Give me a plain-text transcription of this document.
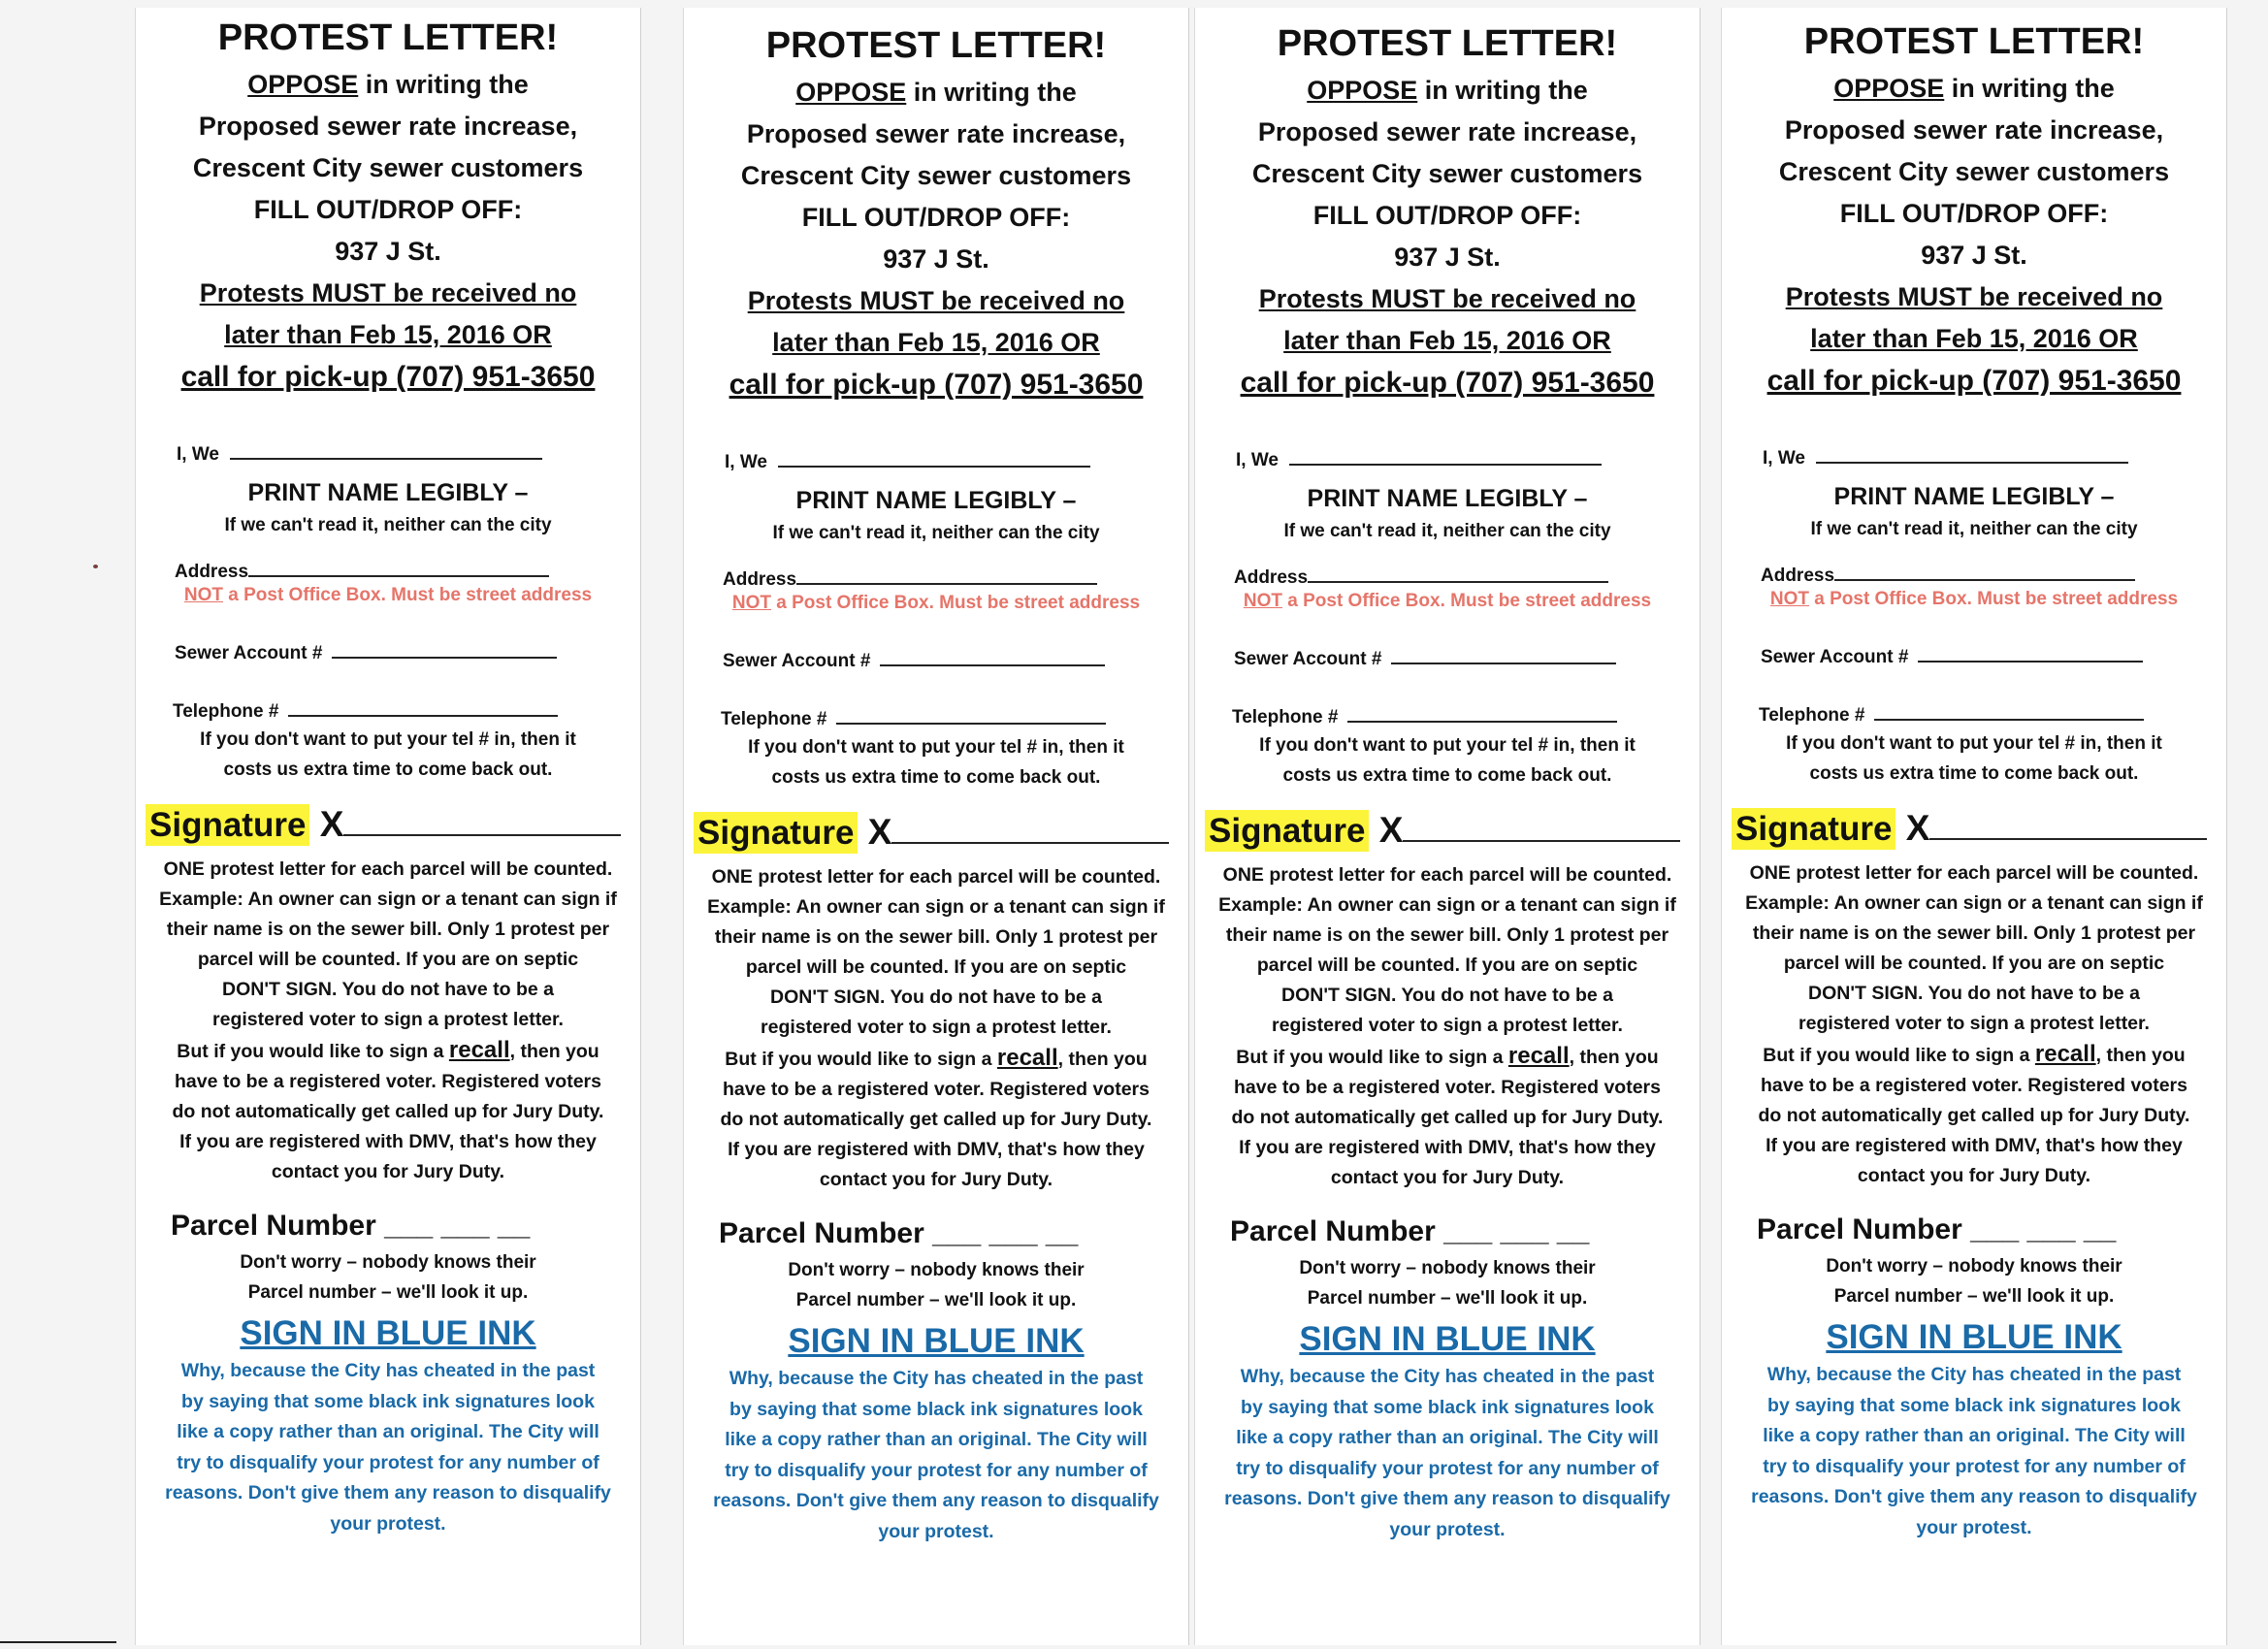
PROTEST LETTER!
OPPOSE in writing the
Proposed sewer rate increase,
Crescent City sewer customers
FILL OUT/DROP OFF:
937 J St.
Protests MUST be received no
later than Feb 15, 2016 OR
call for pick-up (707) 951-3650
I, We
PRINT NAME LEGIBLY –
If we can't read it, neither can the city
Address
NOT a Post Office Box. Must be street address
Sewer Account #
Telephone #
If you don't want to put your tel # in, then it
costs us extra time to come back out.
Signature X
ONE protest letter for each parcel will be counted.
Example: An owner can sign or a tenant can sign if
their name is on the sewer bill. Only 1 protest per
parcel will be counted. If you are on septic
DON'T SIGN. You do not have to be a
registered voter to sign a protest letter.
But if you would like to sign a recall, then you
have to be a registered voter. Registered voters
do not automatically get called up for Jury Duty.
If you are registered with DMV, that's how they
contact you for Jury Duty.
Parcel Number ___ ___ __
Don't worry – nobody knows their
Parcel number – we'll look it up.
SIGN IN BLUE INK
Why, because the City has cheated in the past
by saying that some black ink signatures look
like a copy rather than an original. The City will
try to disqualify your protest for any number of
reasons. Don't give them any reason to disqualify
your protest.
PROTEST LETTER!
OPPOSE in writing the
Proposed sewer rate increase,
Crescent City sewer customers
FILL OUT/DROP OFF:
937 J St.
Protests MUST be received no
later than Feb 15, 2016 OR
call for pick-up (707) 951-3650
I, We
PRINT NAME LEGIBLY –
If we can't read it, neither can the city
Address
NOT a Post Office Box. Must be street address
Sewer Account #
Telephone #
If you don't want to put your tel # in, then it
costs us extra time to come back out.
Signature X
ONE protest letter for each parcel will be counted.
Example: An owner can sign or a tenant can sign if
their name is on the sewer bill. Only 1 protest per
parcel will be counted. If you are on septic
DON'T SIGN. You do not have to be a
registered voter to sign a protest letter.
But if you would like to sign a recall, then you
have to be a registered voter. Registered voters
do not automatically get called up for Jury Duty.
If you are registered with DMV, that's how they
contact you for Jury Duty.
Parcel Number ___ ___ __
Don't worry – nobody knows their
Parcel number – we'll look it up.
SIGN IN BLUE INK
Why, because the City has cheated in the past
by saying that some black ink signatures look
like a copy rather than an original. The City will
try to disqualify your protest for any number of
reasons. Don't give them any reason to disqualify
your protest.
PROTEST LETTER!
OPPOSE in writing the
Proposed sewer rate increase,
Crescent City sewer customers
FILL OUT/DROP OFF:
937 J St.
Protests MUST be received no
later than Feb 15, 2016 OR
call for pick-up (707) 951-3650
I, We
PRINT NAME LEGIBLY –
If we can't read it, neither can the city
Address
NOT a Post Office Box. Must be street address
Sewer Account #
Telephone #
If you don't want to put your tel # in, then it
costs us extra time to come back out.
Signature X
ONE protest letter for each parcel will be counted.
Example: An owner can sign or a tenant can sign if
their name is on the sewer bill. Only 1 protest per
parcel will be counted. If you are on septic
DON'T SIGN. You do not have to be a
registered voter to sign a protest letter.
But if you would like to sign a recall, then you
have to be a registered voter. Registered voters
do not automatically get called up for Jury Duty.
If you are registered with DMV, that's how they
contact you for Jury Duty.
Parcel Number ___ ___ __
Don't worry – nobody knows their
Parcel number – we'll look it up.
SIGN IN BLUE INK
Why, because the City has cheated in the past
by saying that some black ink signatures look
like a copy rather than an original. The City will
try to disqualify your protest for any number of
reasons. Don't give them any reason to disqualify
your protest.
PROTEST LETTER!
OPPOSE in writing the
Proposed sewer rate increase,
Crescent City sewer customers
FILL OUT/DROP OFF:
937 J St.
Protests MUST be received no
later than Feb 15, 2016 OR
call for pick-up (707) 951-3650
I, We
PRINT NAME LEGIBLY –
If we can't read it, neither can the city
Address
NOT a Post Office Box. Must be street address
Sewer Account #
Telephone #
If you don't want to put your tel # in, then it
costs us extra time to come back out.
Signature X
ONE protest letter for each parcel will be counted.
Example: An owner can sign or a tenant can sign if
their name is on the sewer bill. Only 1 protest per
parcel will be counted. If you are on septic
DON'T SIGN. You do not have to be a
registered voter to sign a protest letter.
But if you would like to sign a recall, then you
have to be a registered voter. Registered voters
do not automatically get called up for Jury Duty.
If you are registered with DMV, that's how they
contact you for Jury Duty.
Parcel Number ___ ___ __
Don't worry – nobody knows their
Parcel number – we'll look it up.
SIGN IN BLUE INK
Why, because the City has cheated in the past
by saying that some black ink signatures look
like a copy rather than an original. The City will
try to disqualify your protest for any number of
reasons. Don't give them any reason to disqualify
your protest.
